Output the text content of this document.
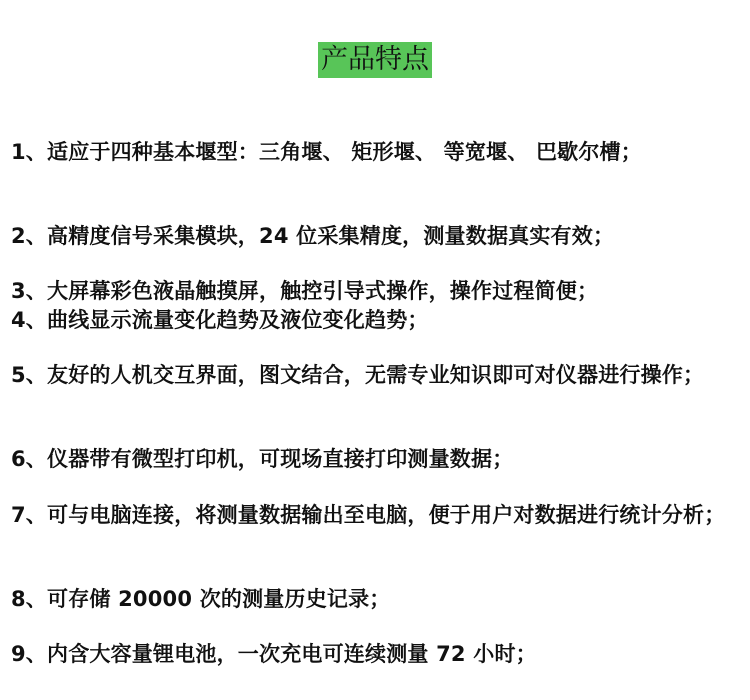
产品特点

1、适应于四种基本堰型：三角堰、 矩形堰、 等宽堰、 巴歇尔槽；

2、高精度信号采集模块，24 位采集精度，测量数据真实有效；

3、大屏幕彩色液晶触摸屏，触控引导式操作，操作过程简便；

4、曲线显示流量变化趋势及液位变化趋势；

5、友好的人机交互界面，图文结合，无需专业知识即可对仪器进行操作；

6、仪器带有微型打印机，可现场直接打印测量数据；

7、可与电脑连接，将测量数据输出至电脑，便于用户对数据进行统计分析；

8、可存储 20000 次的测量历史记录；

9、内含大容量锂电池，一次充电可连续测量 72 小时；
